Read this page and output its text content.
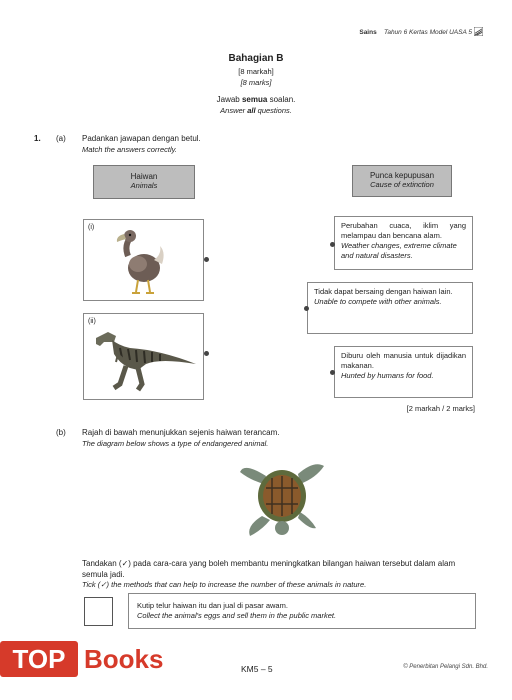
Sains Tahun 6 Kertas Model UASA 5
Bahagian B
[8 markah]
[8 marks]
Jawab semua soalan.
Answer all questions.
1. (a) Padankan jawapan dengan betul.
Match the answers correctly.
Haiwan
Animals
Punca kepupusan
Cause of extinction
(i)
(ii)
Perubahan cuaca, iklim yang melampau dan bencana alam.
Weather changes, extreme climate and natural disasters.
Tidak dapat bersaing dengan haiwan lain.
Unable to compete with other animals.
Diburu oleh manusia untuk dijadikan makanan.
Hunted by humans for food.
[2 markah / 2 marks]
(b) Rajah di bawah menunjukkan sejenis haiwan terancam.
The diagram below shows a type of endangered animal.
Tandakan (✓) pada cara-cara yang boleh membantu meningkatkan bilangan haiwan tersebut dalam alam semula jadi.
Tick (✓) the methods that can help to increase the number of these animals in nature.
Kutip telur haiwan itu dan jual di pasar awam.
Collect the animal's eggs and sell them in the public market.
KM5 – 5	© Penerbitan Pelangi Sdn. Bhd.
TOP Books
